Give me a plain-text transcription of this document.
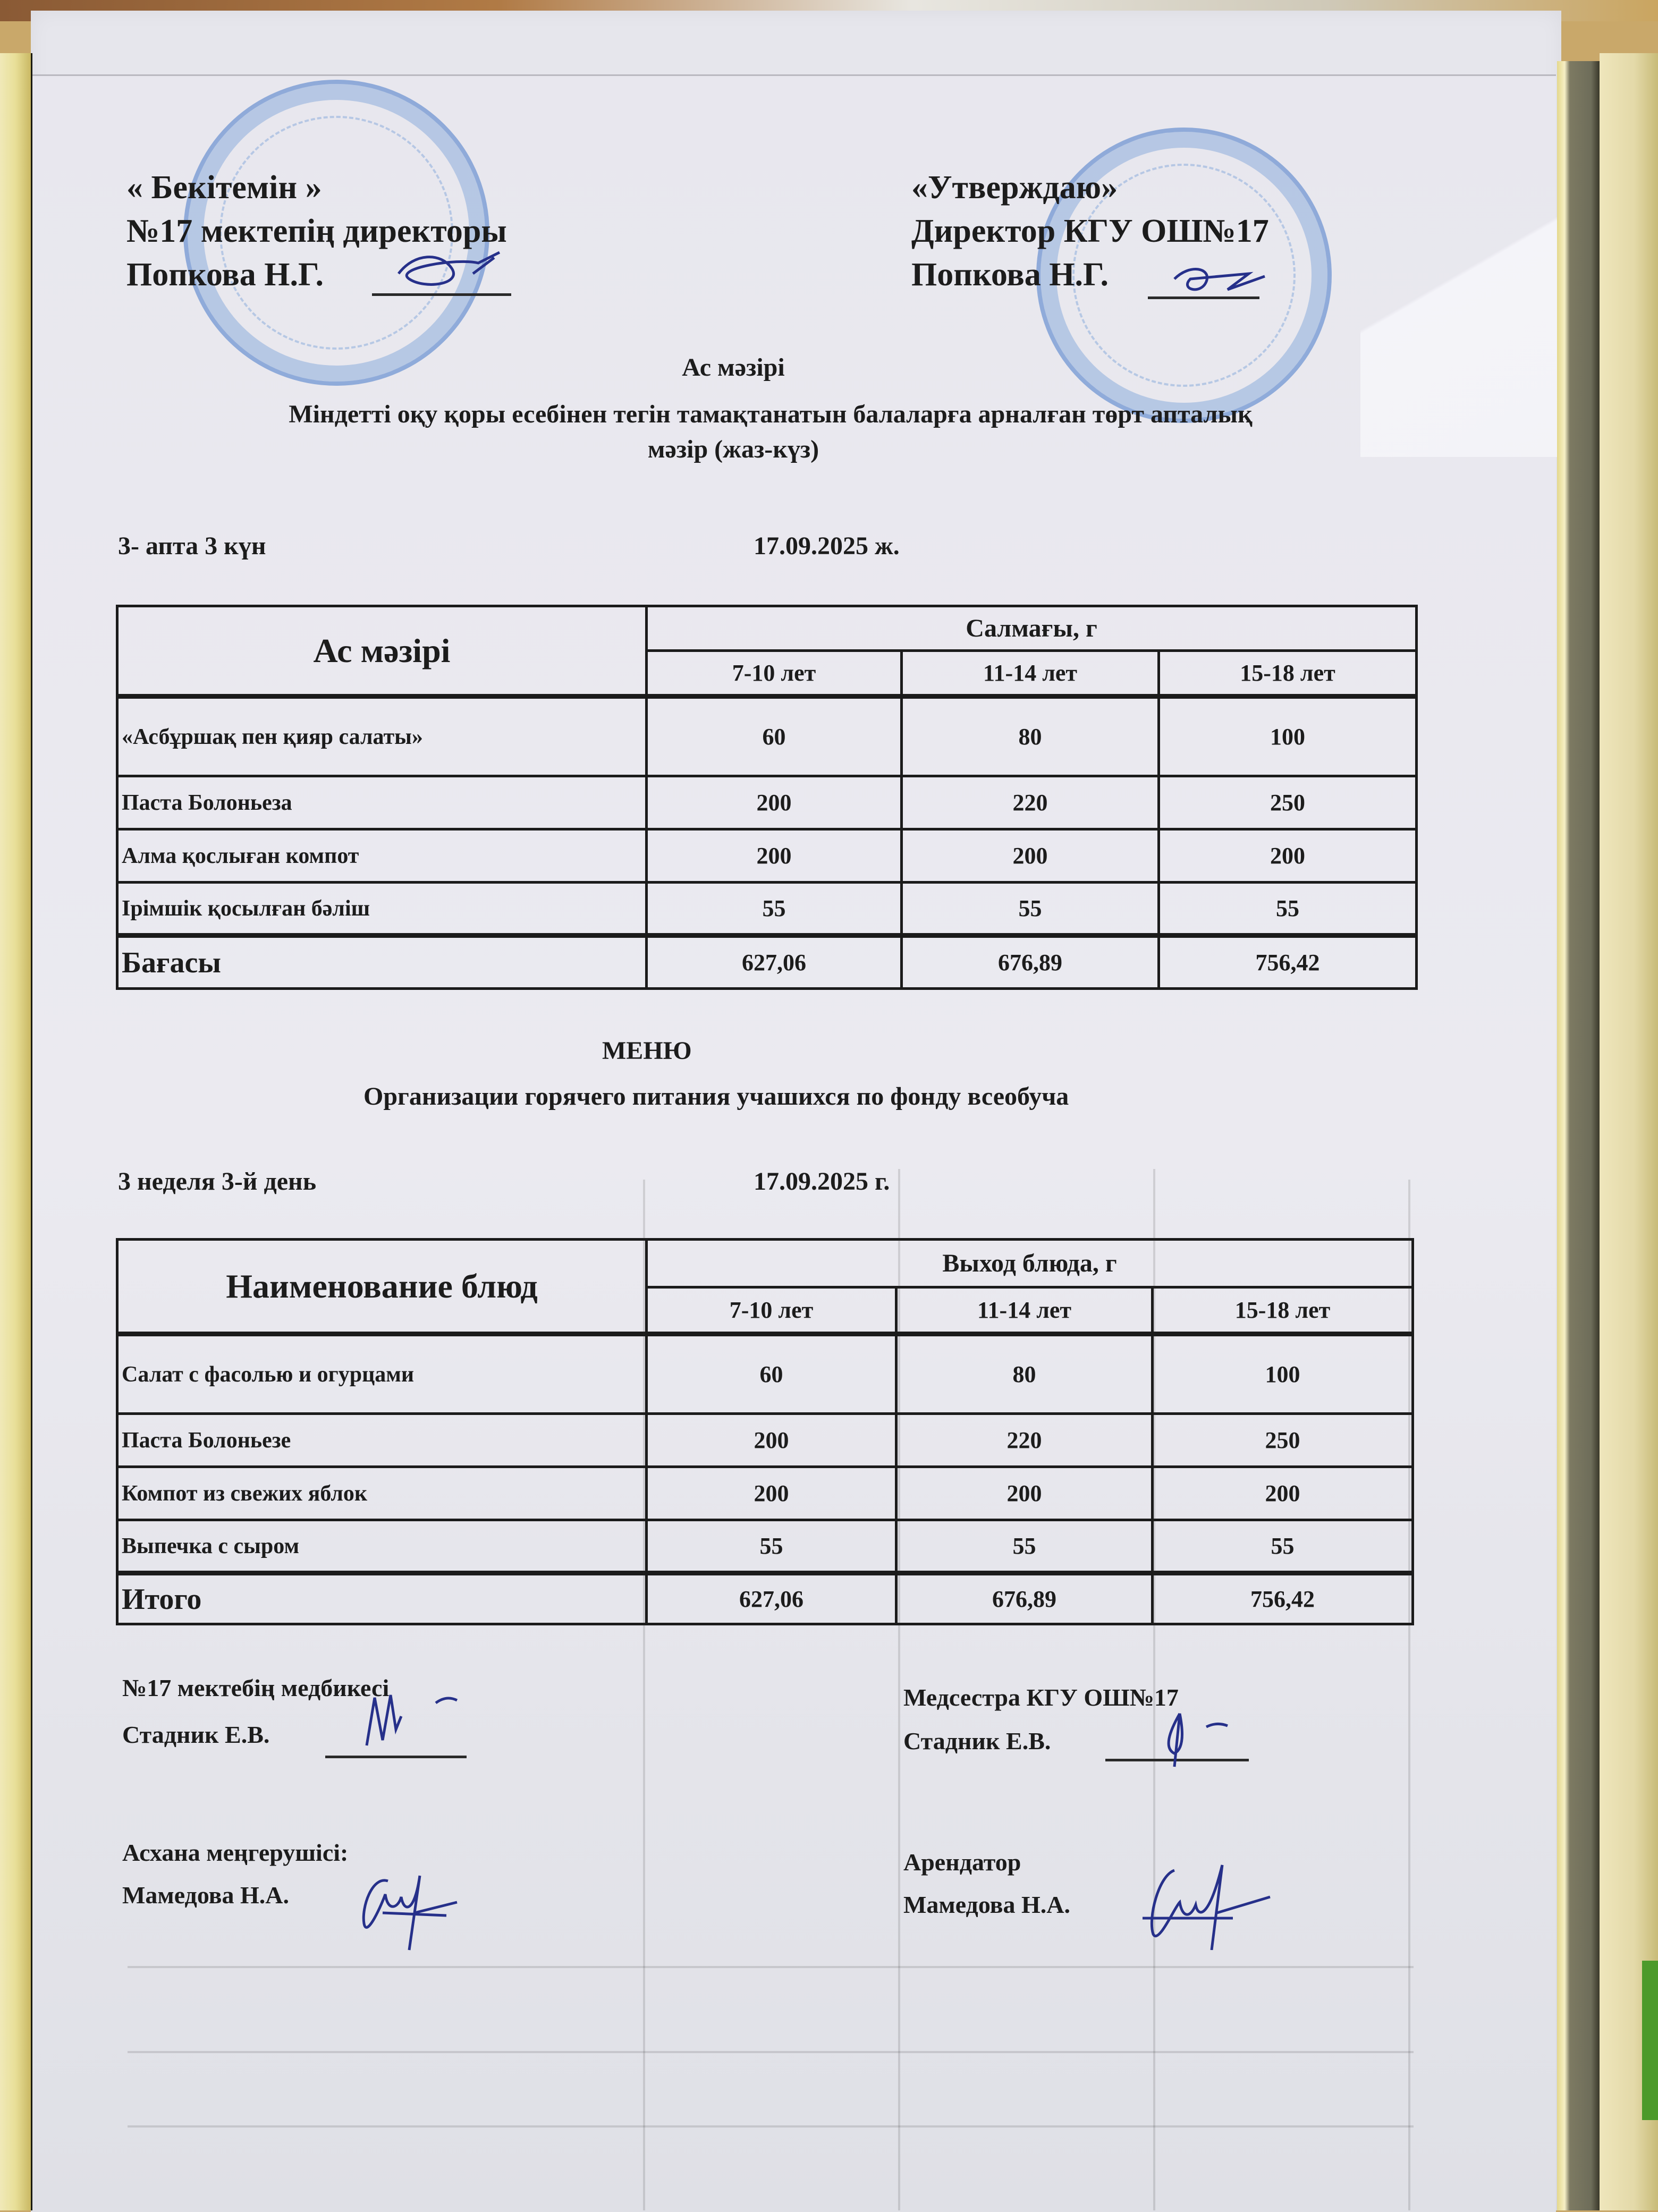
« Бекітемін »
№17 мектепің директоры
Попкова Н.Г.
«Утверждаю»
Директор КГУ ОШ№17
Попкова Н.Г.
Ас мәзірі
Міндетті оқу қоры есебінен тегін тамақтанатын балаларға арналған төрт апталық
мәзір (жаз-күз)
3- апта 3 күн	17.09.2025 ж.
Ас мәзірі	Салмағы, г		
	7-10 лет	11-14 лет	15-18 лет
«Асбұршақ пен қияр салаты»	60	80	100
Паста Болоньеза	200	220	250
Алма қослыған компот	200	200	200
Ірімшік қосылған бәліш	55	55	55
Бағасы	627,06	676,89	756,42
МЕНЮ
Организации горячего питания учашихся по фонду всеобуча
3 неделя 3-й день	17.09.2025 г.
Наименование блюд	Выход блюда, г		
	7-10 лет	11-14 лет	15-18 лет
Салат с фасолью и огурцами	60	80	100
Паста Болоньезе	200	220	250
Компот из свежих яблок	200	200	200
Выпечка с сыром	55	55	55
Итого	627,06	676,89	756,42
№17 мектебің медбикесі
Стадник Е.В.
Медсестра КГУ ОШ№17
Стадник Е.В.
Асхана меңгерушісі:
Мамедова Н.А.
Арендатор
Мамедова Н.А.
